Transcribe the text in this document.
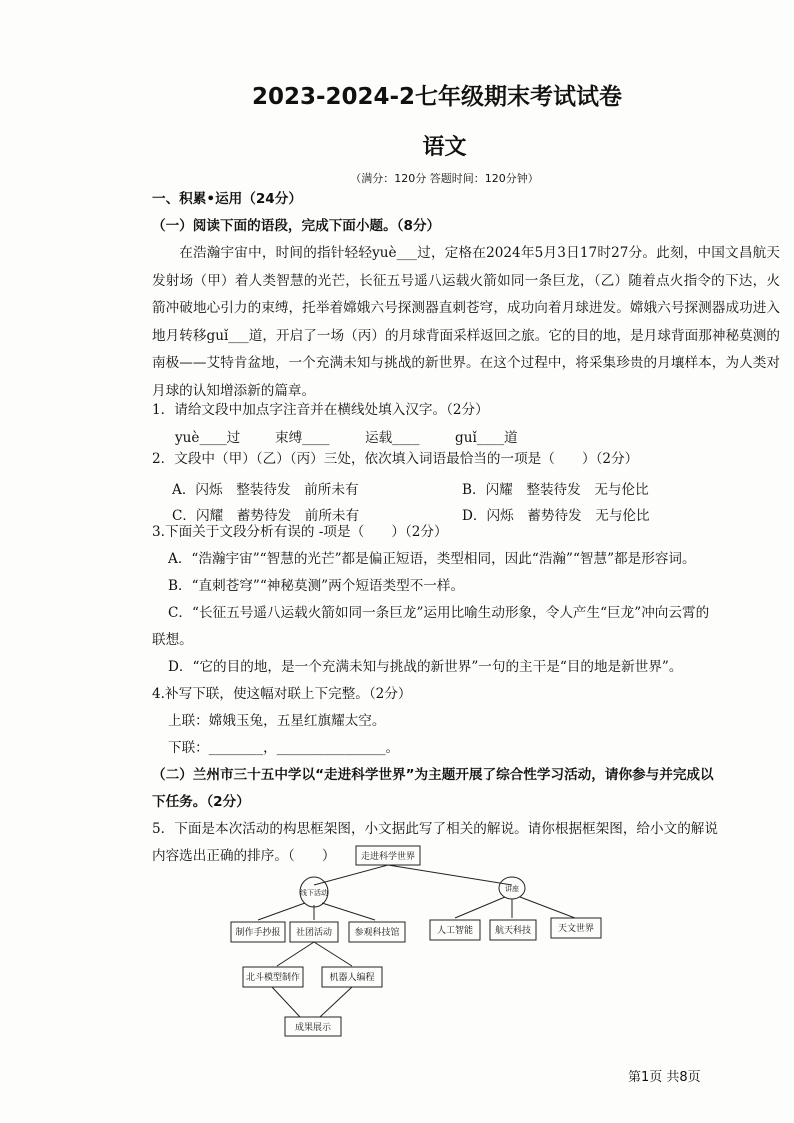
2023-2024-2七年级期末考试试卷
语文
（满分：120分 答题时间：120分钟）
一、积累•运用（24分）
（一）阅读下面的语段，完成下面小题。（8分）
在浩瀚宇宙中，时间的指针轻轻yuè___过，定格在2024年5月3日17时27分。此刻，中国文昌航天发射场（甲）着人类智慧的光芒，长征五号遥八运载火箭如同一条巨龙，（乙）随着点火指令的下达，火箭冲破地心引力的束缚，托举着嫦娥六号探测器直刺苍穹，成功向着月球进发。嫦娥六号探测器成功进入地月转移guǐ___道，开启了一场（丙）的月球背面采样返回之旅。它的目的地，是月球背面那神秘莫测的南极——艾特肯盆地，一个充满未知与挑战的新世界。在这个过程中，将采集珍贵的月壤样本，为人类对月球的认知增添新的篇章。
1．请给文段中加点字注音并在横线处填入汉字。（2分）
yuè____过	束缚____	运载____	guǐ____道
2．文段中（甲）（乙）（丙）三处，依次填入词语最恰当的一项是（　　）（2分）
A．闪烁　整装待发　前所未有	B．闪耀　整装待发　无与伦比
C．闪耀　蓄势待发　前所未有	D．闪烁　蓄势待发　无与伦比
3.下面关于文段分析有误的 -项是（　　）（2分）
A．“浩瀚宇宙”“智慧的光芒”都是偏正短语，类型相同，因此“浩瀚”“智慧”都是形容词。
B．“直刺苍穹”“神秘莫测”两个短语类型不一样。
C．“长征五号遥八运载火箭如同一条巨龙”运用比喻生动形象，令人产生“巨龙”冲向云霄的
联想。
D．“它的目的地，是一个充满未知与挑战的新世界”一句的主干是“目的地是新世界”。
4.补写下联，使这幅对联上下完整。（2分）
上联：嫦娥玉兔，五星红旗耀太空。
下联：________，________________。
（二）兰州市三十五中学以“走进科学世界”为主题开展了综合性学习活动，请你参与并完成以
下任务。（2分）
5．下面是本次活动的构思框架图，小文据此写了相关的解说。请你根据框架图，给小文的解说
内容选出正确的排序。（　　）	走进科学世界
线下活动	讲座
制作手抄报 社团活动 参观科技馆	人工智能 航天科技	天文世界
北斗模型制作	机器人编程
成果展示
第1页 共8页
